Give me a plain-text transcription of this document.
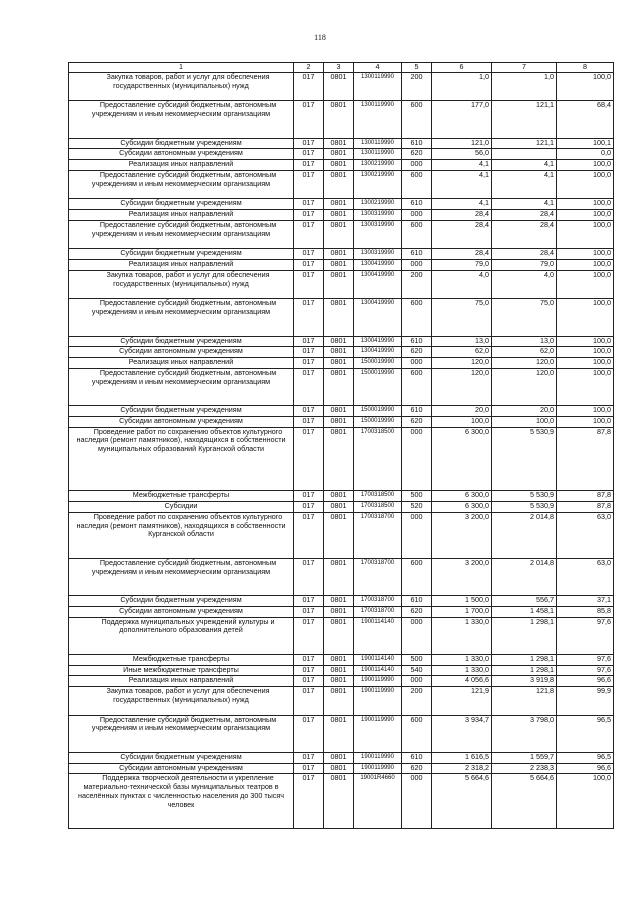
118
1	2	3	4	5	6	7	8
Закупка товаров, работ и услуг для обеспечения государственных (муниципальных) нужд	017	0801	1300119990	200	1,0	1,0	100,0
Предоставление субсидий бюджетным, автономным учреждениям и иным некоммерческим организациям	017	0801	1300119990	600	177,0	121,1	68,4
Субсидии бюджетным учреждениям	017	0801	1300119990	610	121,0	121,1	100,1
Субсидии автономным учреждениям	017	0801	1300119990	620	56,0		0,0
Реализация иных направлений	017	0801	1300219990	000	4,1	4,1	100,0
Предоставление субсидий бюджетным, автономным учреждениям и иным некоммерческим организациям	017	0801	1300219990	600	4,1	4,1	100,0
Субсидии бюджетным учреждениям	017	0801	1300219990	610	4,1	4,1	100,0
Реализация иных направлений	017	0801	1300319990	000	28,4	28,4	100,0
Предоставление субсидий бюджетным, автономным учреждениям и иным некоммерческим организациям	017	0801	1300319990	600	28,4	28,4	100,0
Субсидии бюджетным учреждениям	017	0801	1300319990	610	28,4	28,4	100,0
Реализация иных направлений	017	0801	1300419990	000	79,0	79,0	100,0
Закупка товаров, работ и услуг для обеспечения государственных (муниципальных) нужд	017	0801	1300419990	200	4,0	4,0	100,0
Предоставление субсидий бюджетным, автономным учреждениям и иным некоммерческим организациям	017	0801	1300419990	600	75,0	75,0	100,0
Субсидии бюджетным учреждениям	017	0801	1300419990	610	13,0	13,0	100,0
Субсидии автономным учреждениям	017	0801	1300419990	620	62,0	62,0	100,0
Реализация иных направлений	017	0801	1500019990	000	120,0	120,0	100,0
Предоставление субсидий бюджетным, автономным учреждениям и иным некоммерческим организациям	017	0801	1500019990	600	120,0	120,0	100,0
Субсидии бюджетным учреждениям	017	0801	1500019990	610	20,0	20,0	100,0
Субсидии автономным учреждениям	017	0801	1500019990	620	100,0	100,0	100,0
Проведение работ по сохранению объектов культурного наследия (ремонт памятников), находящихся в собственности муниципальных образований Курганской области	017	0801	1700318500	000	6 300,0	5 530,9	87,8
Межбюджетные трансферты	017	0801	1700318500	500	6 300,0	5 530,9	87,8
Субсидии	017	0801	1700318500	520	6 300,0	5 530,9	87,8
Проведение работ по сохранению объектов культурного наследия (ремонт памятников), находящихся в собственности Курганской области	017	0801	1700318700	000	3 200,0	2 014,8	63,0
Предоставление субсидий бюджетным, автономным учреждениям и иным некоммерческим организациям	017	0801	1700318700	600	3 200,0	2 014,8	63,0
Субсидии бюджетным учреждениям	017	0801	1700318700	610	1 500,0	556,7	37,1
Субсидии автономным учреждениям	017	0801	1700318700	620	1 700,0	1 458,1	85,8
Поддержка муниципальных учреждений культуры и дополнительного образования детей	017	0801	1900114140	000	1 330,0	1 298,1	97,6
Межбюджетные трансферты	017	0801	1900114140	500	1 330,0	1 298,1	97,6
Иные межбюджетные трансферты	017	0801	1900114140	540	1 330,0	1 298,1	97,6
Реализация иных направлений	017	0801	1900119990	000	4 056,6	3 919,8	96,6
Закупка товаров, работ и услуг для обеспечения государственных (муниципальных) нужд	017	0801	1900119990	200	121,9	121,8	99,9
Предоставление субсидий бюджетным, автономным учреждениям и иным некоммерческим организациям	017	0801	1900119990	600	3 934,7	3 798,0	96,5
Субсидии бюджетным учреждениям	017	0801	1900119990	610	1 616,5	1 559,7	96,5
Субсидии автономным учреждениям	017	0801	1900119990	620	2 318,2	2 238,3	96,6
Поддержка творческой деятельности и укрепление материально-технической базы муниципальных театров в населённых пунктах с численностью населения до 300 тысяч человек	017	0801	19001R4660	000	5 664,6	5 664,6	100,0
